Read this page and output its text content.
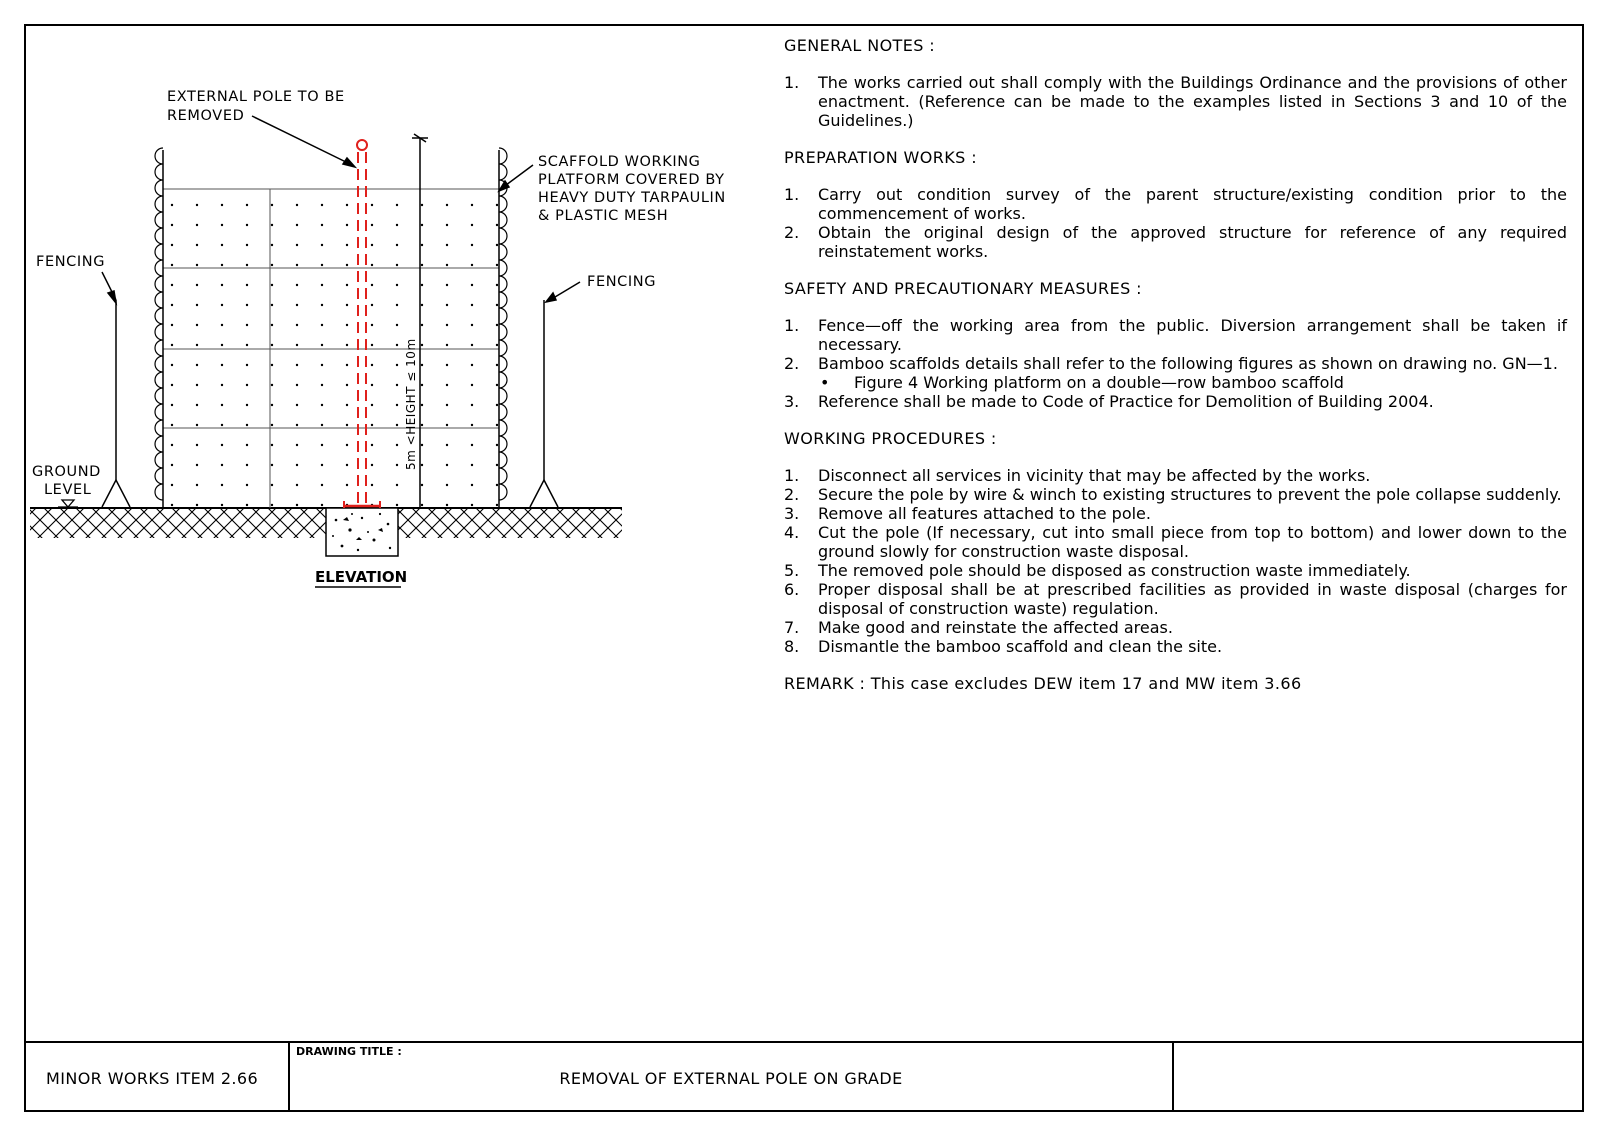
5m <HEIGHT ≤ 10m
EXTERNAL POLE TO BE
REMOVED
SCAFFOLD WORKING
PLATFORM COVERED BY
HEAVY DUTY TARPAULIN
& PLASTIC MESH
FENCING
FENCING
GROUND
LEVEL
ELEVATION
GENERAL NOTES :
1.	The works carried out shall comply with the Buildings Ordinance and the provisions of other enactment. (Reference can be made to the examples listed in Sections 3 and 10 of the Guidelines.)
PREPARATION WORKS :
1.	Carry out condition survey of the parent structure/existing condition prior to the commencement of works.
2.	Obtain the original design of the approved structure for reference of any required reinstatement works.
SAFETY AND PRECAUTIONARY MEASURES :
1.	Fence—off the working area from the public. Diversion arrangement shall be taken if necessary.
2.	Bamboo scaffolds details shall refer to the following figures as shown on drawing no. GN—1.
•	Figure 4 Working platform on a double—row bamboo scaffold
3.	Reference shall be made to Code of Practice for Demolition of Building 2004.
WORKING PROCEDURES :
1.	Disconnect all services in vicinity that may be affected by the works.
2.	Secure the pole by wire & winch to existing structures to prevent the pole collapse suddenly.
3.	Remove all features attached to the pole.
4.	Cut the pole (If necessary, cut into small piece from top to bottom) and lower down to the ground slowly for construction waste disposal.
5.	The removed pole should be disposed as construction waste immediately.
6.	Proper disposal shall be at prescribed facilities as provided in waste disposal (charges for disposal of construction waste) regulation.
7.	Make good and reinstate the affected areas.
8.	Dismantle the bamboo scaffold and clean the site.
REMARK : This case excludes DEW item 17 and MW item 3.66
MINOR WORKS ITEM 2.66
DRAWING TITLE :
REMOVAL OF EXTERNAL POLE ON GRADE
